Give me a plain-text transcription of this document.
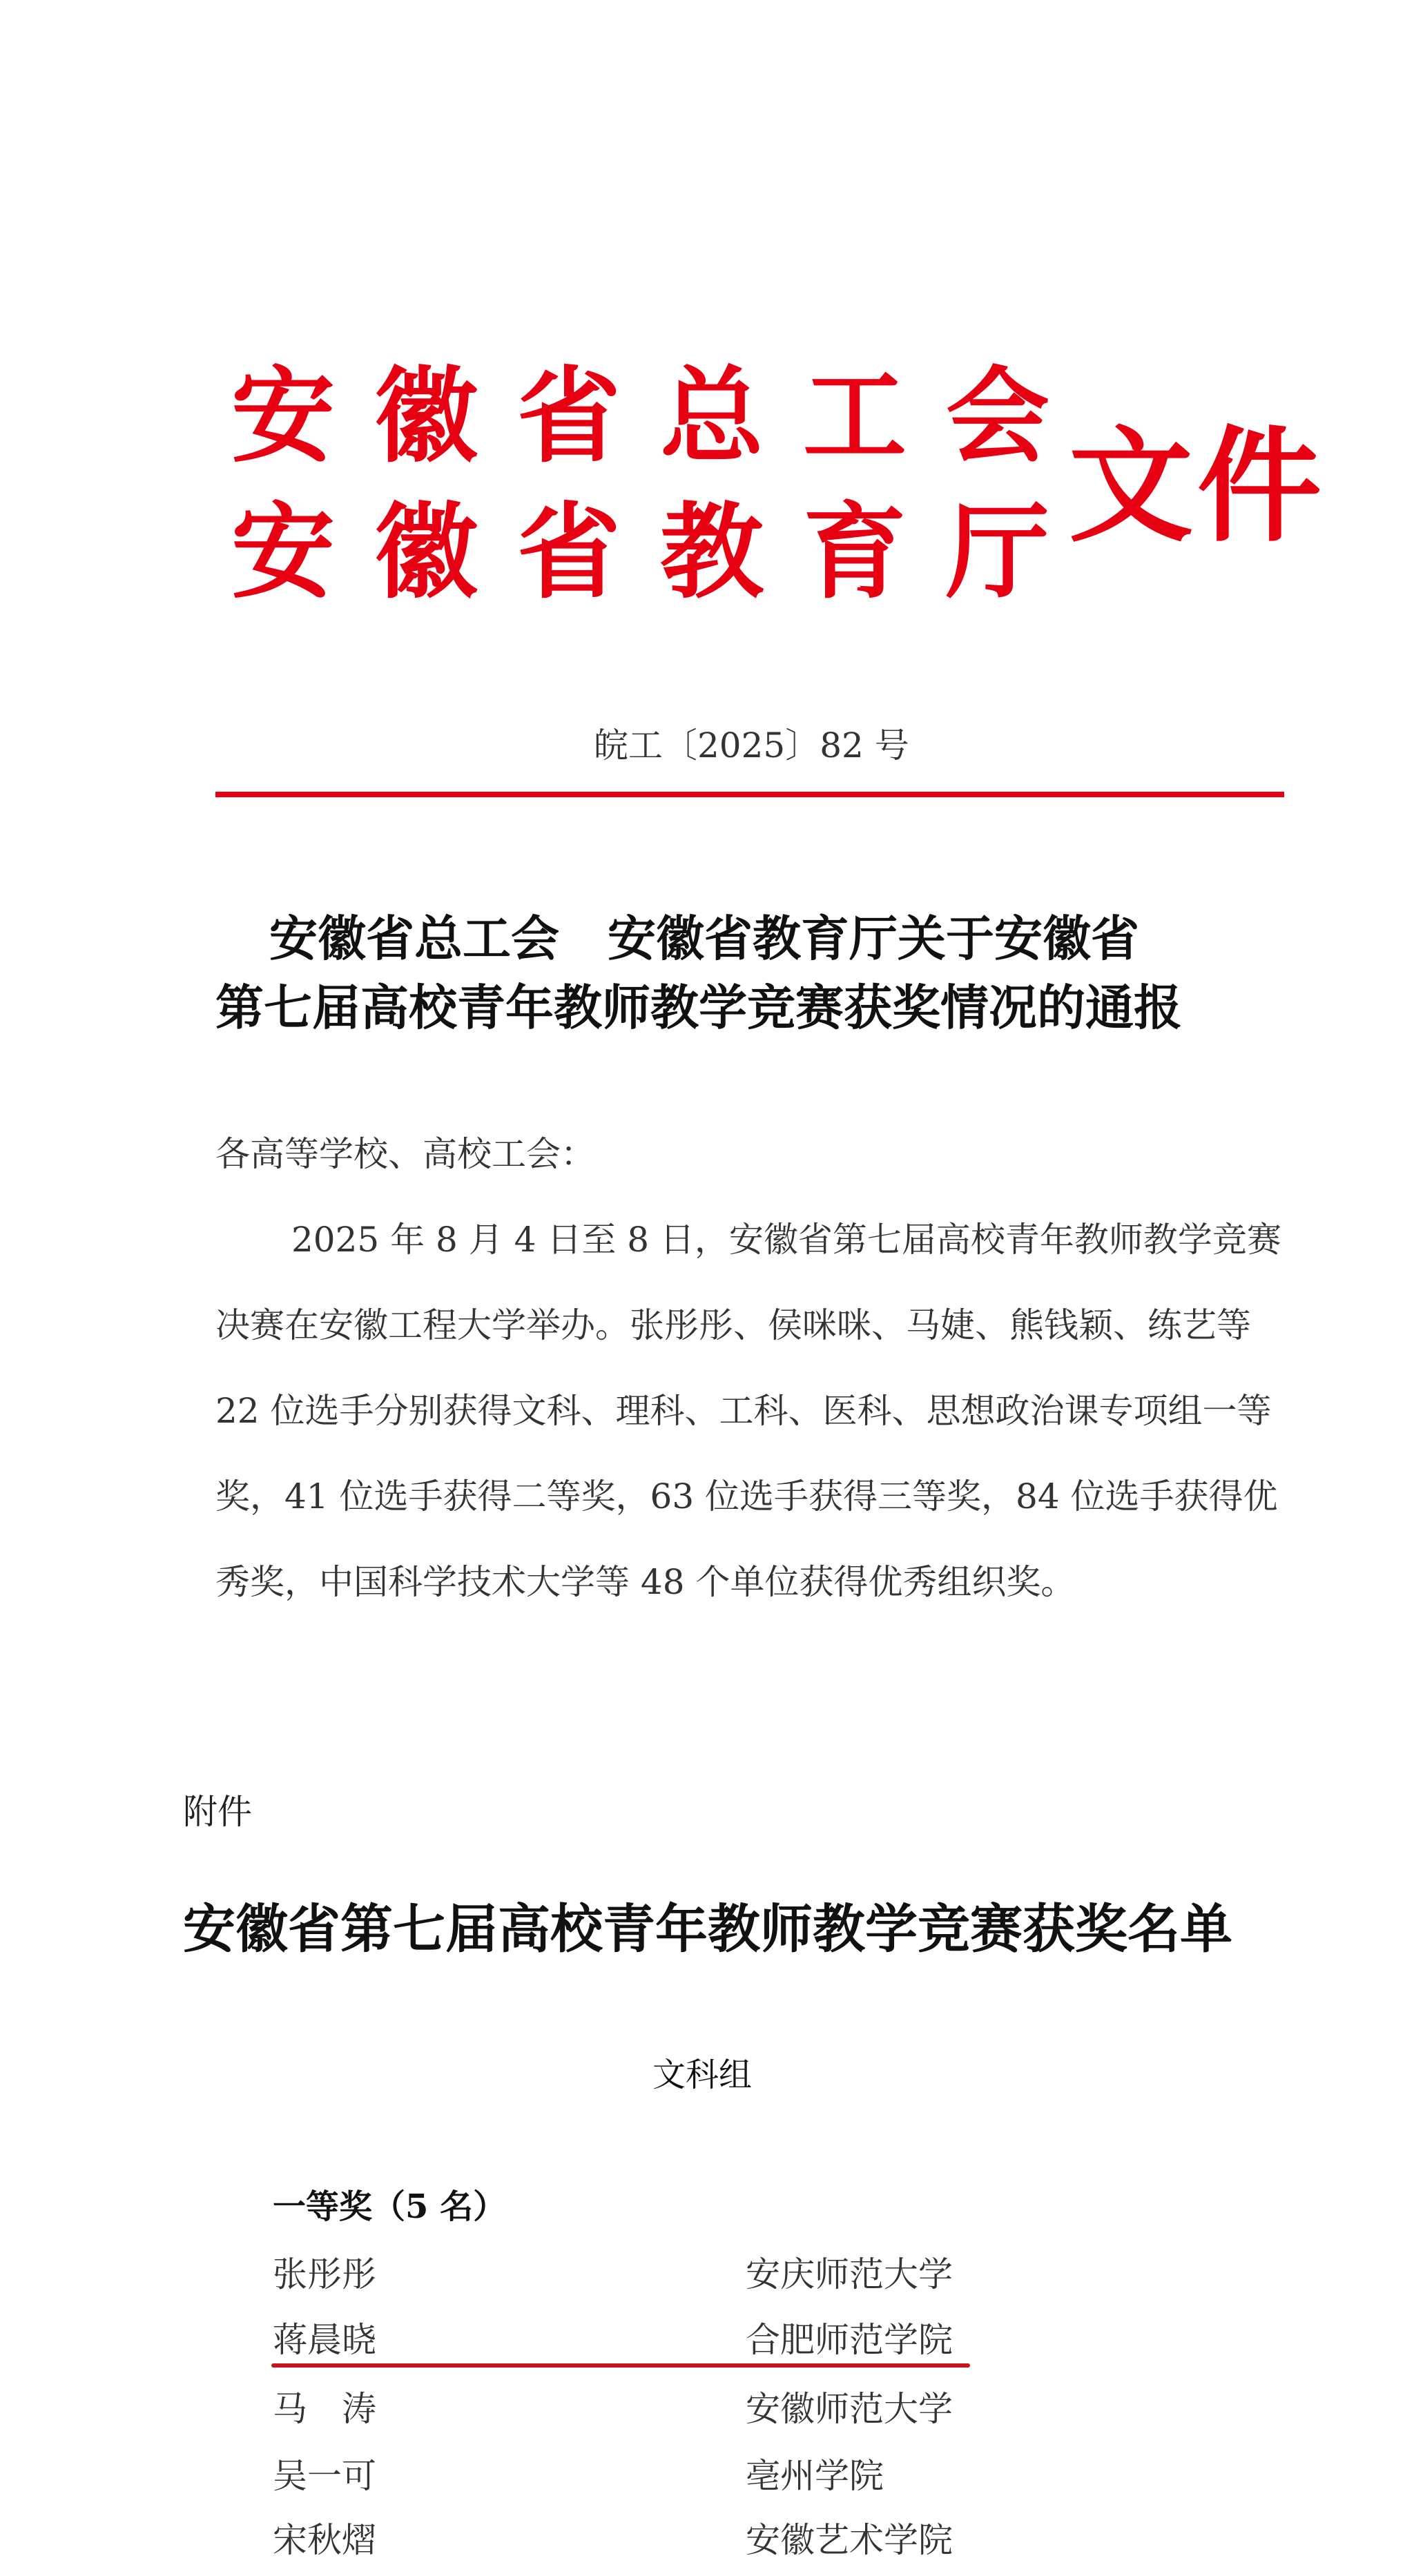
安徽省总工会
安徽省教育厅
文件
皖工〔2025〕82 号
安徽省总工会　安徽省教育厅关于安徽省
第七届高校青年教师教学竞赛获奖情况的通报

各高等学校、高校工会：

2025 年 8 月 4 日至 8 日，安徽省第七届高校青年教师教学竞赛决赛在安徽工程大学举办。张彤彤、侯咪咪、马婕、熊钱颖、练艺等 22 位选手分别获得文科、理科、工科、医科、思想政治课专项组一等奖，41 位选手获得二等奖，63 位选手获得三等奖，84 位选手获得优秀奖，中国科学技术大学等 48 个单位获得优秀组织奖。

附件
安徽省第七届高校青年教师教学竞赛获奖名单
文科组
一等奖（5 名）
张彤彤	安庆师范大学
蒋晨晓	合肥师范学院
马　涛	安徽师范大学
吴一可	亳州学院
宋秋熠	安徽艺术学院
